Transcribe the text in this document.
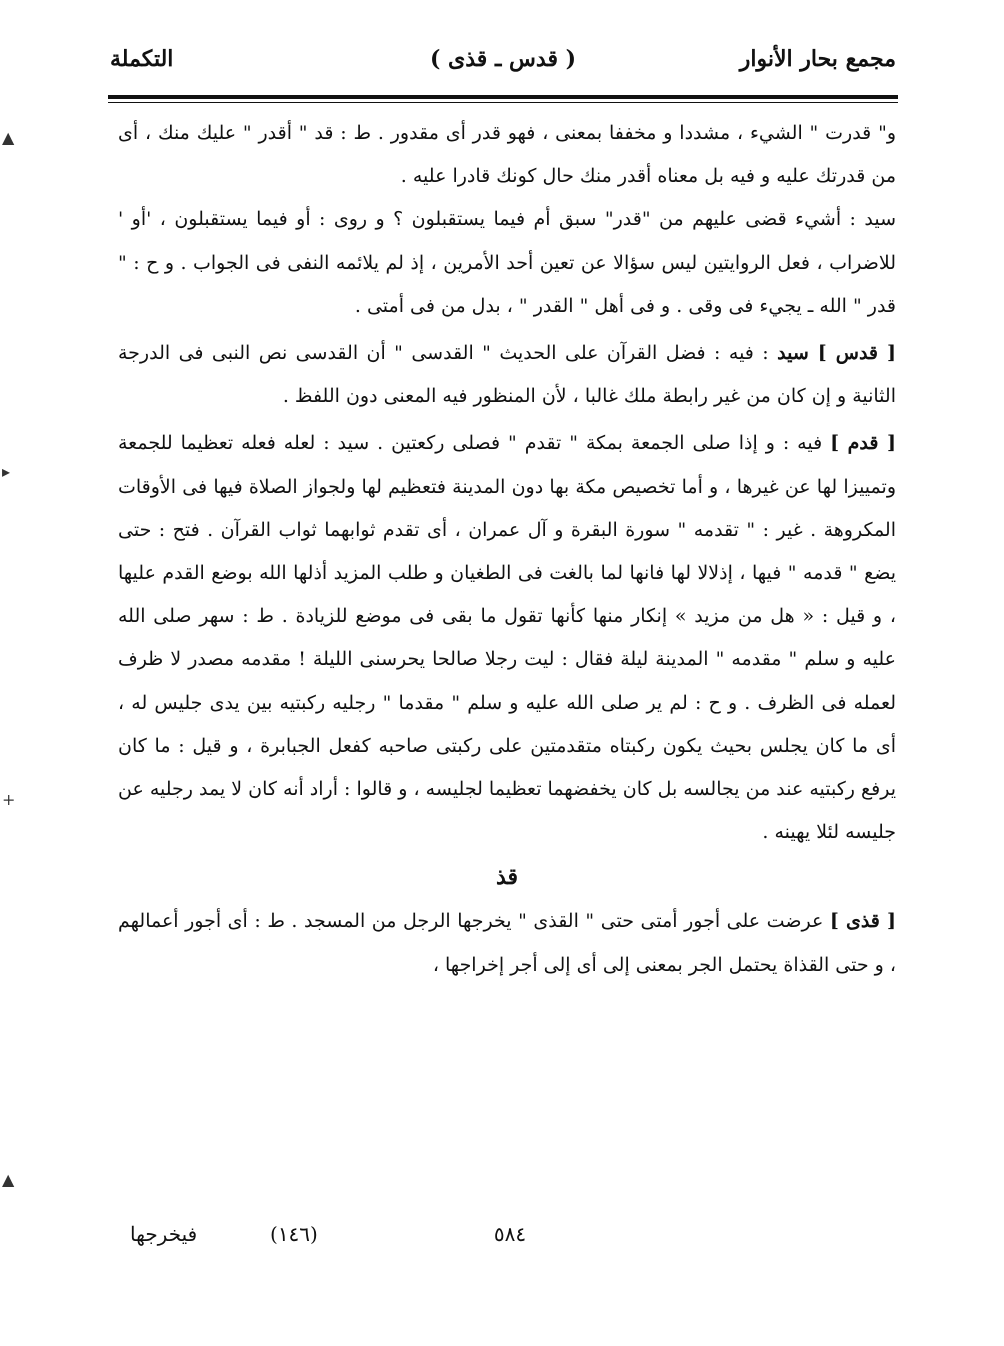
مجمع بحار الأنوار
( قدس ـ قذى )
التكملة

و" قدرت " الشيء ، مشددا و مخففا بمعنى ، فهو قدر أى مقدور . ط : قد " أقدر " عليك منك ، أى من قدرتك عليه و فيه بل معناه أقدر منك حال كونك قادرا عليه .

سيد : أشيء قضى عليهم من "قدر" سبق أم فيما يستقبلون ؟ و روى : أو فيما يستقبلون ، 'أو ' للاضراب ، فعل الروايتين ليس سؤالا عن تعين أحد الأمرين ، إذ لم يلائمه النفى فى الجواب . و ح : " قدر " الله ـ يجيء فى وقى . و فى أهل " القدر " ، بدل من فى أمتى .

[ قدس ] سيد : فيه : فضل القرآن على الحديث " القدسى " أن القدسى نص النبى فى الدرجة الثانية و إن كان من غير رابطة ملك غالبا ، لأن المنظور فيه المعنى دون اللفظ .

[ قدم ] فيه : و إذا صلى الجمعة بمكة " تقدم " فصلى ركعتين . سيد : لعله فعله تعظيما للجمعة وتمييزا لها عن غيرها ، و أما تخصيص مكة بها دون المدينة فتعظيم لها ولجواز الصلاة فيها فى الأوقات المكروهة . غير : " تقدمه " سورة البقرة و آل عمران ، أى تقدم ثوابهما ثواب القرآن . فتح : حتى يضع " قدمه " فيها ، إذلالا لها فانها لما بالغت فى الطغيان و طلب المزيد أذلها الله بوضع القدم عليها ، و قيل : « هل من مزيد » إنكار منها كأنها تقول ما بقى فى موضع للزيادة . ط : سهر صلى الله عليه و سلم " مقدمه " المدينة ليلة فقال : ليت رجلا صالحا يحرسنى الليلة ! مقدمه مصدر لا ظرف لعمله فى الظرف . و ح : لم ير صلى الله عليه و سلم " مقدما " رجليه ركبتيه بين يدى جليس له ، أى ما كان يجلس بحيث يكون ركبتاه متقدمتين على ركبتى صاحبه كفعل الجبابرة ، و قيل : ما كان يرفع ركبتيه عند من يجالسه بل كان يخفضهما تعظيما لجليسه ، و قالوا : أراد أنه كان لا يمد رجليه عن جليسه لئلا يهينه .

قذ

[ قذى ] عرضت على أجور أمتى حتى " القذى " يخرجها الرجل من المسجد . ط : أى أجور أعمالهم ، و حتى القذاة يحتمل الجر بمعنى إلى أى إلى أجر إخراجها ،

٥٨٤
(١٤٦)
فيخرجها
▲
▸
+
▲
